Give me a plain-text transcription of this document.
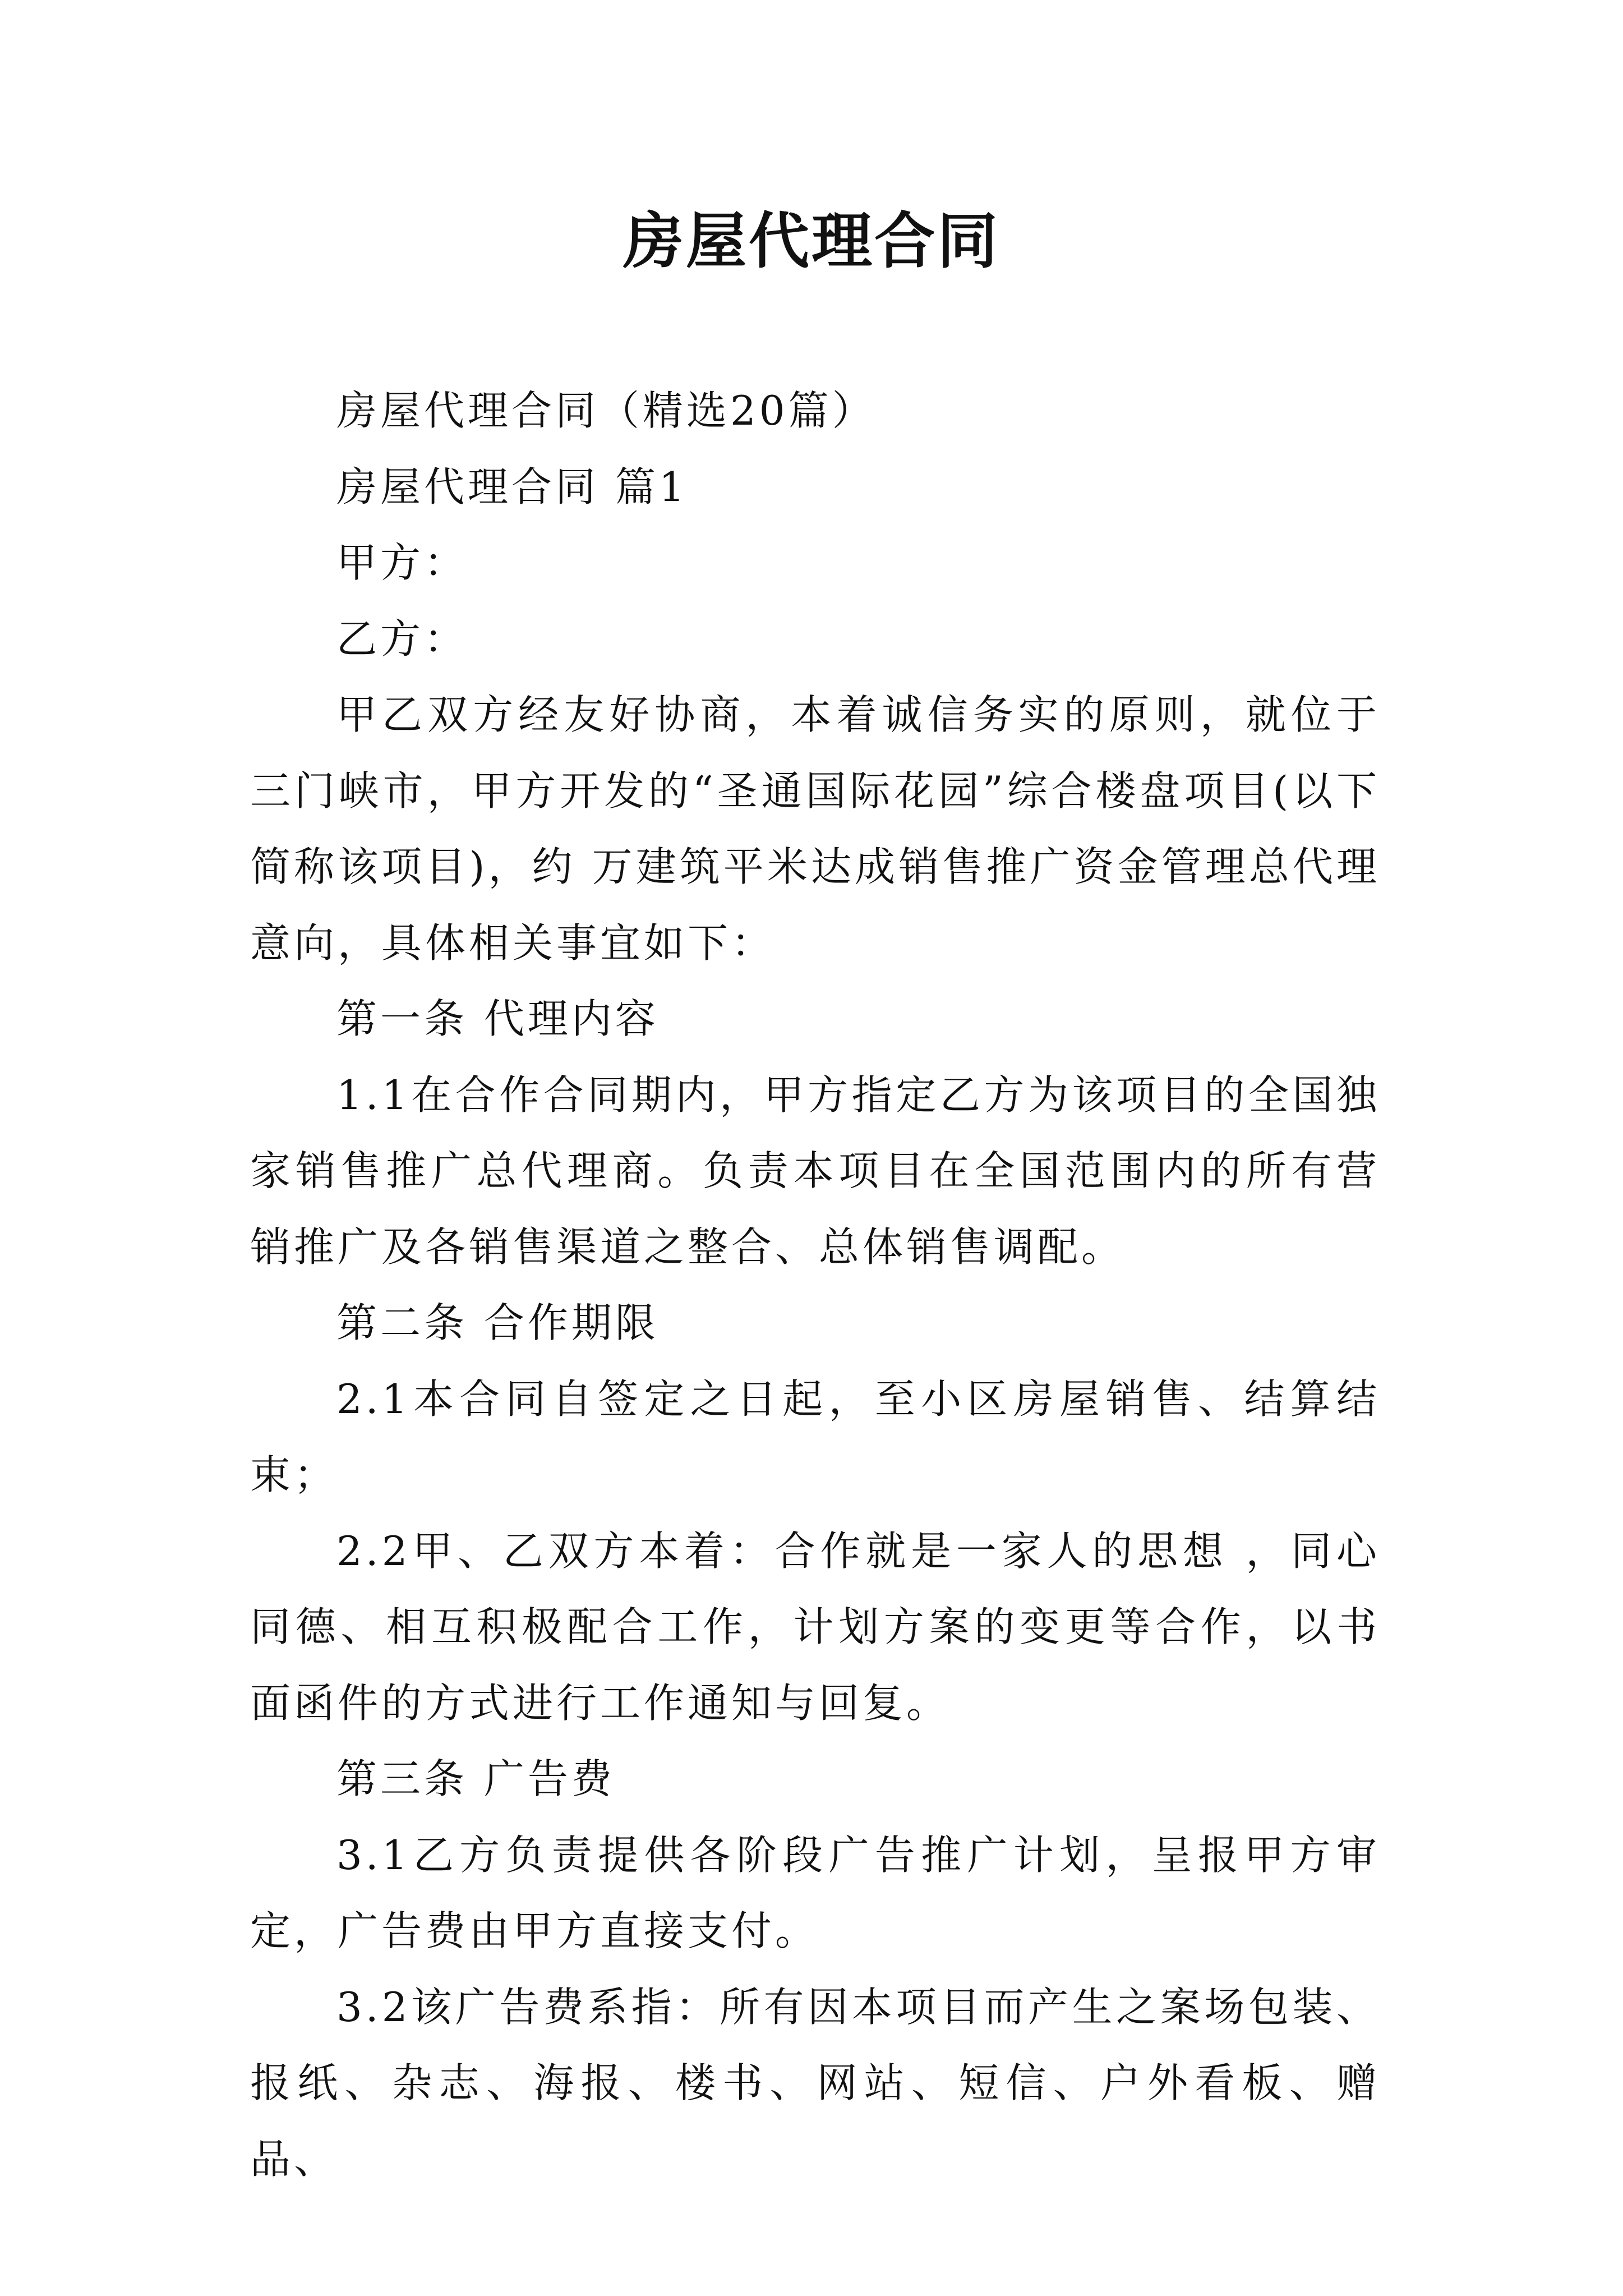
房屋代理合同

房屋代理合同（精选20篇）

房屋代理合同 篇1

甲方：

乙方：

甲乙双方经友好协商，本着诚信务实的原则，就位于三门峡市，甲方开发的“圣通国际花园”综合楼盘项目(以下简称该项目)，约 万建筑平米达成销售推广资金管理总代理意向，具体相关事宜如下：

第一条 代理内容

1.1在合作合同期内，甲方指定乙方为该项目的全国独家销售推广总代理商。负责本项目在全国范围内的所有营销推广及各销售渠道之整合、总体销售调配。

第二条 合作期限

2.1本合同自签定之日起，至小区房屋销售、结算结束；

2.2甲、乙双方本着：合作就是一家人的思想 ，同心同德、相互积极配合工作，计划方案的变更等合作，以书面函件的方式进行工作通知与回复。

第三条 广告费

3.1乙方负责提供各阶段广告推广计划，呈报甲方审定，广告费由甲方直接支付。

3.2该广告费系指：所有因本项目而产生之案场包装、报纸、杂志、海报、楼书、网站、短信、户外看板、赠品、
